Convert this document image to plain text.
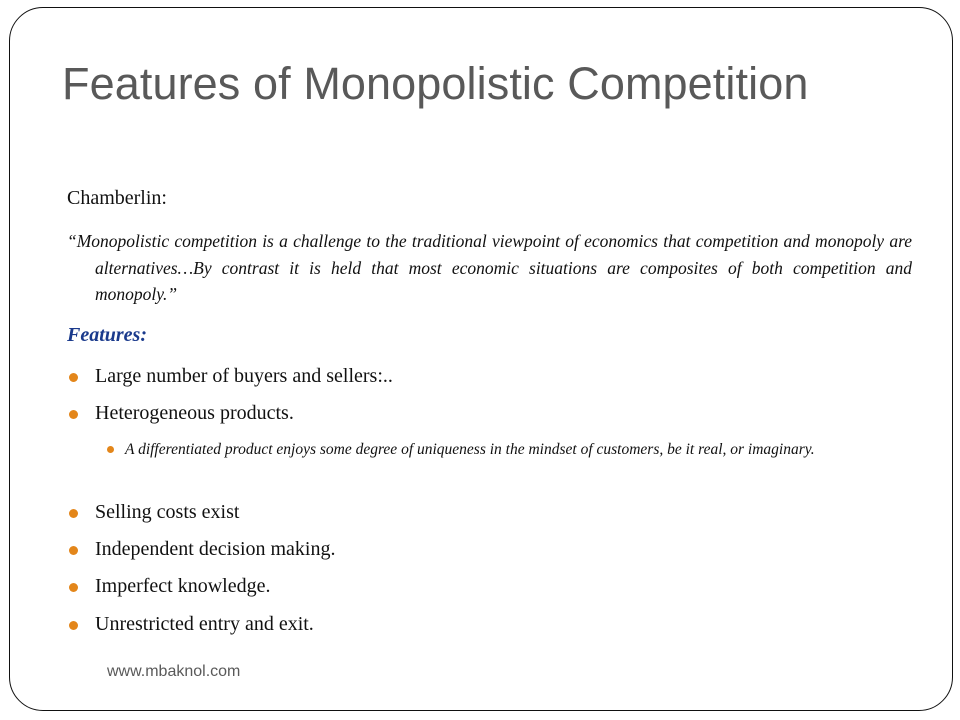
Features of Monopolistic Competition
Chamberlin:
“Monopolistic competition is a challenge to the traditional viewpoint of economics that competition and monopoly are alternatives…By contrast it is held that most economic situations are composites of both competition and monopoly.”
Features:
Large number of buyers and sellers:..
Heterogeneous products.
A differentiated product enjoys some degree of uniqueness in the mindset of customers, be it real, or imaginary.
Selling costs exist
Independent decision making.
Imperfect knowledge.
Unrestricted entry and exit.
www.mbaknol.com
